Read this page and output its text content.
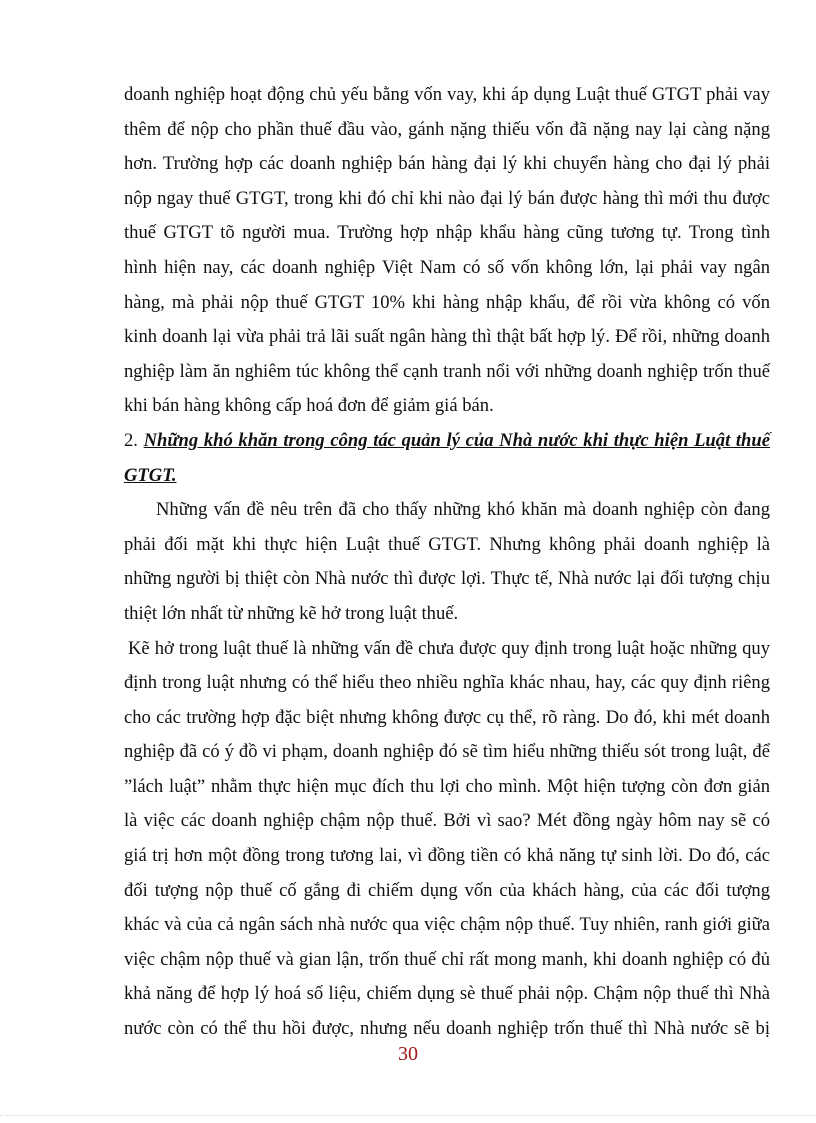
doanh nghiệp hoạt động chủ yếu bằng vốn vay, khi áp dụng Luật thuế GTGT phải vay
thêm để nộp cho phần thuế đầu vào, gánh nặng thiếu vốn đã nặng nay lại càng nặng
hơn. Trường hợp các doanh nghiệp bán hàng đại lý khi chuyển hàng cho đại lý phải
nộp ngay thuế GTGT, trong khi đó chỉ khi nào đại lý bán được hàng thì mới thu được
thuế GTGT tõ người mua. Trường hợp nhập khẩu hàng cũng tương tự. Trong tình
hình hiện nay, các doanh nghiệp Việt Nam có số vốn không lớn, lại phải vay ngân
hàng, mà phải nộp thuế GTGT 10% khi hàng nhập khẩu, để rồi vừa không có vốn
kinh doanh lại vừa phải trả lãi suất ngân hàng thì thật bất hợp lý. Để rồi, những doanh
nghiệp làm ăn nghiêm túc không thể cạnh tranh nổi với những doanh nghiệp trốn thuế
khi bán hàng không cấp hoá đơn để giảm giá bán.
2. Những khó khăn trong công tác quản lý của Nhà nước khi thực hiện Luật thuế
GTGT.
Những vấn đề nêu trên đã cho thấy những khó khăn mà doanh nghiệp còn đang
phải đối mặt khi thực hiện Luật thuế GTGT. Nhưng không phải doanh nghiệp là
những người bị thiệt còn Nhà nước thì được lợi. Thực tế, Nhà nước lại đối tượng chịu
thiệt lớn nhất từ những kẽ hở trong luật thuế.
Kẽ hở trong luật thuế là những vấn đề chưa được quy định trong luật hoặc những quy
định trong luật nhưng có thể hiểu theo nhiều nghĩa khác nhau, hay, các quy định riêng
cho các trường hợp đặc biệt nhưng không được cụ thể, rõ ràng. Do đó, khi mét doanh
nghiệp đã có ý đồ vi phạm, doanh nghiệp đó sẽ tìm hiểu những thiếu sót trong luật, để
”lách luật” nhằm thực hiện mục đích thu lợi cho mình. Một hiện tượng còn đơn giản
là việc các doanh nghiệp chậm nộp thuế. Bởi vì sao? Mét đồng ngày hôm nay sẽ có
giá trị hơn một đồng trong tương lai, vì đồng tiền có khả năng tự sinh lời. Do đó, các
đối tượng nộp thuế cố gắng đi chiếm dụng vốn của khách hàng, của các đối tượng
khác và của cả ngân sách nhà nước qua việc chậm nộp thuế. Tuy nhiên, ranh giới giữa
việc chậm nộp thuế và gian lận, trốn thuế chỉ rất mong manh, khi doanh nghiệp có đủ
khả năng để hợp lý hoá số liệu, chiếm dụng sè thuế phải nộp. Chậm nộp thuế thì Nhà
nước còn có thể thu hồi được, nhưng nếu doanh nghiệp trốn thuế thì Nhà nước sẽ bị
30
